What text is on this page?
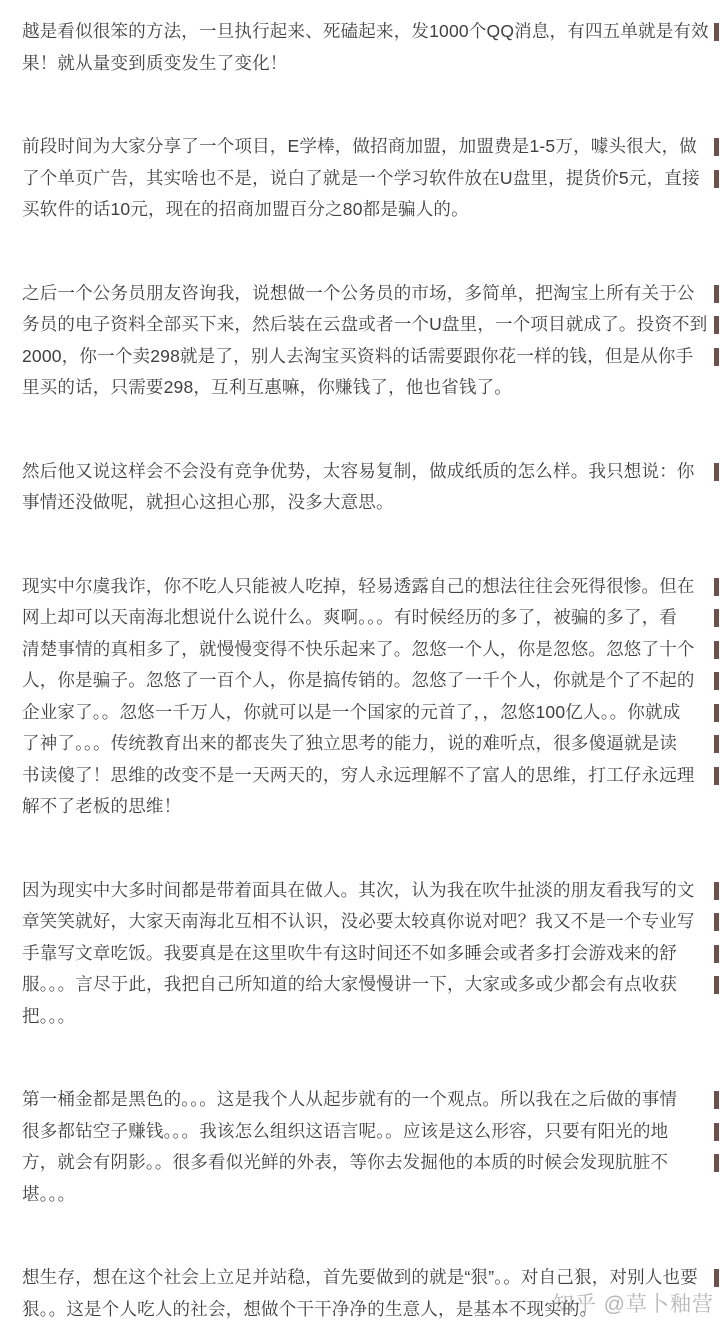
越是看似很笨的方法，一旦执行起来、死磕起来，发1000个QQ消息，有四五单就是有效
果！就从量变到质变发生了变化！
前段时间为大家分享了一个项目，E学棒，做招商加盟，加盟费是1-5万，噱头很大，做
了个单页广告，其实啥也不是，说白了就是一个学习软件放在U盘里，提货价5元，直接
买软件的话10元，现在的招商加盟百分之80都是骗人的。
之后一个公务员朋友咨询我，说想做一个公务员的市场，多简单，把淘宝上所有关于公
务员的电子资料全部买下来，然后装在云盘或者一个U盘里，一个项目就成了。投资不到
2000，你一个卖298就是了，别人去淘宝买资料的话需要跟你花一样的钱，但是从你手
里买的话，只需要298，互利互惠嘛，你赚钱了，他也省钱了。
然后他又说这样会不会没有竞争优势，太容易复制，做成纸质的怎么样。我只想说：你
事情还没做呢，就担心这担心那，没多大意思。
现实中尔虞我诈，你不吃人只能被人吃掉，轻易透露自己的想法往往会死得很惨。但在
网上却可以天南海北想说什么说什么。爽啊。。。有时候经历的多了，被骗的多了，看
清楚事情的真相多了，就慢慢变得不快乐起来了。忽悠一个人，你是忽悠。忽悠了十个
人，你是骗子。忽悠了一百个人，你是搞传销的。忽悠了一千个人，你就是个了不起的
企业家了。。忽悠一千万人，你就可以是一个国家的元首了，，忽悠100亿人。。你就成
了神了。。。传统教育出来的都丧失了独立思考的能力，说的难听点，很多傻逼就是读
书读傻了！思维的改变不是一天两天的，穷人永远理解不了富人的思维，打工仔永远理
解不了老板的思维！
因为现实中大多时间都是带着面具在做人。其次，认为我在吹牛扯淡的朋友看我写的文
章笑笑就好，大家天南海北互相不认识，没必要太较真你说对吧？我又不是一个专业写
手靠写文章吃饭。我要真是在这里吹牛有这时间还不如多睡会或者多打会游戏来的舒
服。。。言尽于此，我把自己所知道的给大家慢慢讲一下，大家或多或少都会有点收获
把。。。
第一桶金都是黑色的。。。这是我个人从起步就有的一个观点。所以我在之后做的事情
很多都钻空子赚钱。。。我该怎么组织这语言呢。。应该是这么形容，只要有阳光的地
方，就会有阴影。。很多看似光鲜的外表，等你去发掘他的本质的时候会发现肮脏不
堪。。。
想生存，想在这个社会上立足并站稳，首先要做到的就是“狠”。。对自己狠，对别人也要
狠。。这是个人吃人的社会，想做个干干净净的生意人，是基本不现实的。
知乎 @草卜釉营
